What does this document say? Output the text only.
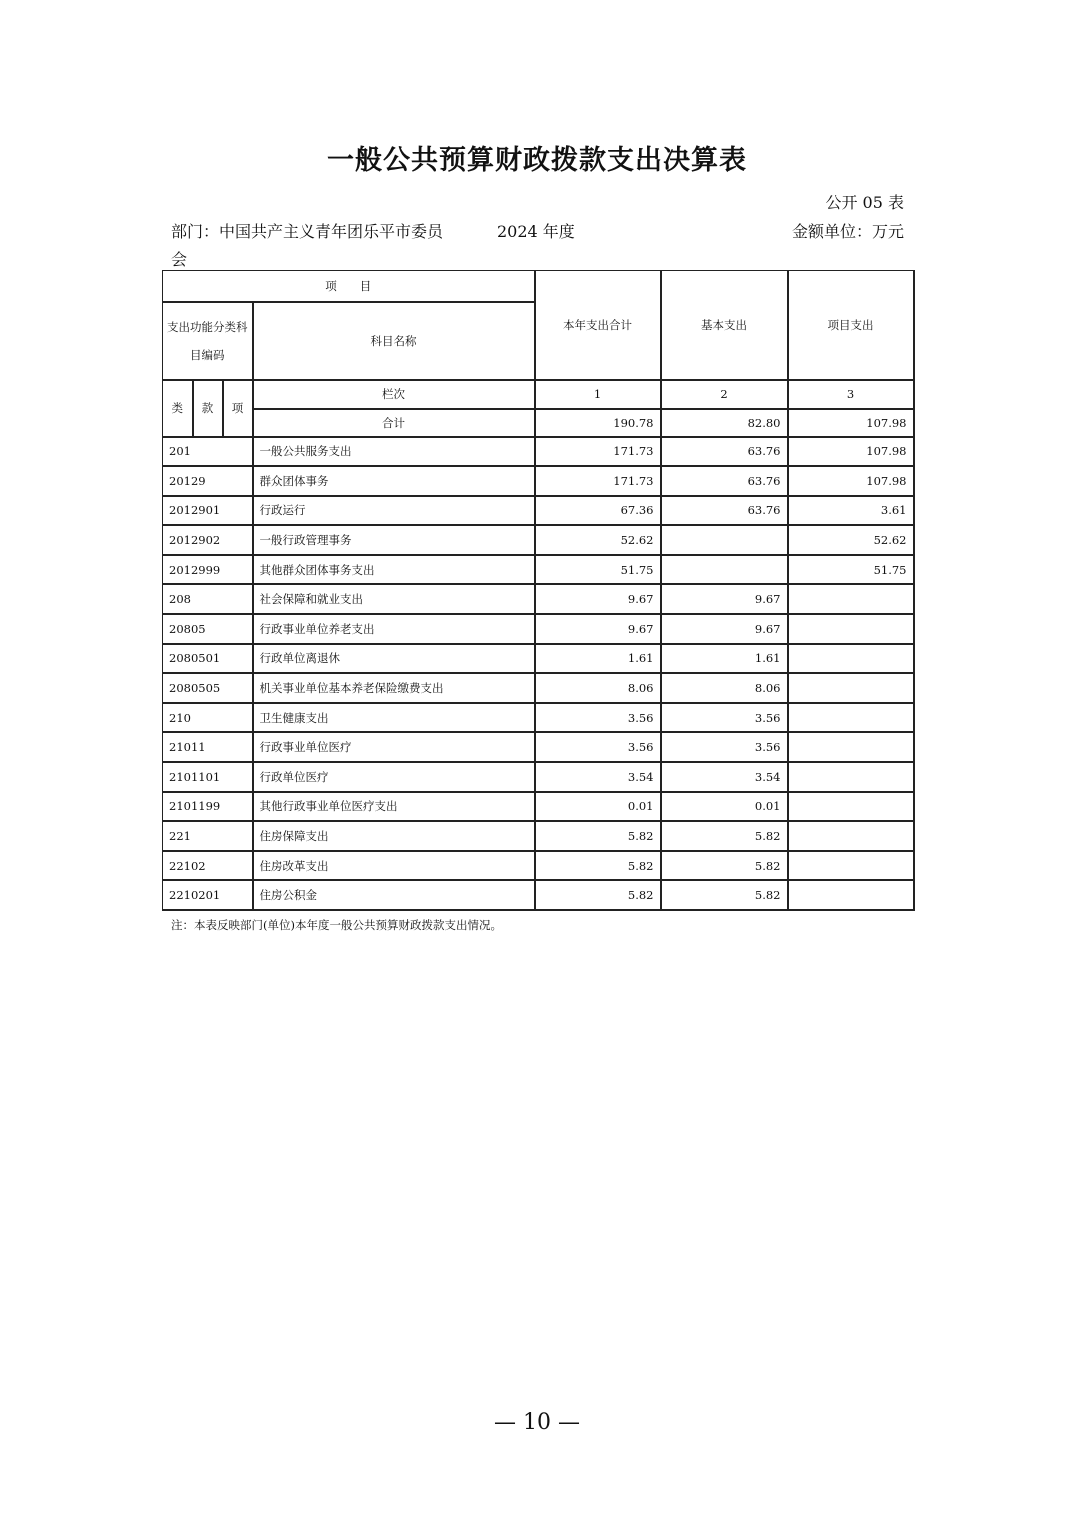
一般公共预算财政拨款支出决算表
公开 05 表
部门：中国共产主义青年团乐平市委员会
2024 年度	金额单位：万元
项　　目				本年支出合计	基本支出	项目支出
支出功能分类科目编码			科目名称			
类	款	项	栏次	1	2	3
			合计	190.78	82.80	107.98
201			一般公共服务支出	171.73	63.76	107.98
20129			群众团体事务	171.73	63.76	107.98
2012901			行政运行	67.36	63.76	3.61
2012902			一般行政管理事务	52.62		52.62
2012999			其他群众团体事务支出	51.75		51.75
208			社会保障和就业支出	9.67	9.67	
20805			行政事业单位养老支出	9.67	9.67	
2080501			行政单位离退休	1.61	1.61	
2080505			机关事业单位基本养老保险缴费支出	8.06	8.06	
210			卫生健康支出	3.56	3.56	
21011			行政事业单位医疗	3.56	3.56	
2101101			行政单位医疗	3.54	3.54	
2101199			其他行政事业单位医疗支出	0.01	0.01	
221			住房保障支出	5.82	5.82	
22102			住房改革支出	5.82	5.82	
2210201			住房公积金	5.82	5.82	
注：本表反映部门(单位)本年度一般公共预算财政拨款支出情况。
— 10 —
